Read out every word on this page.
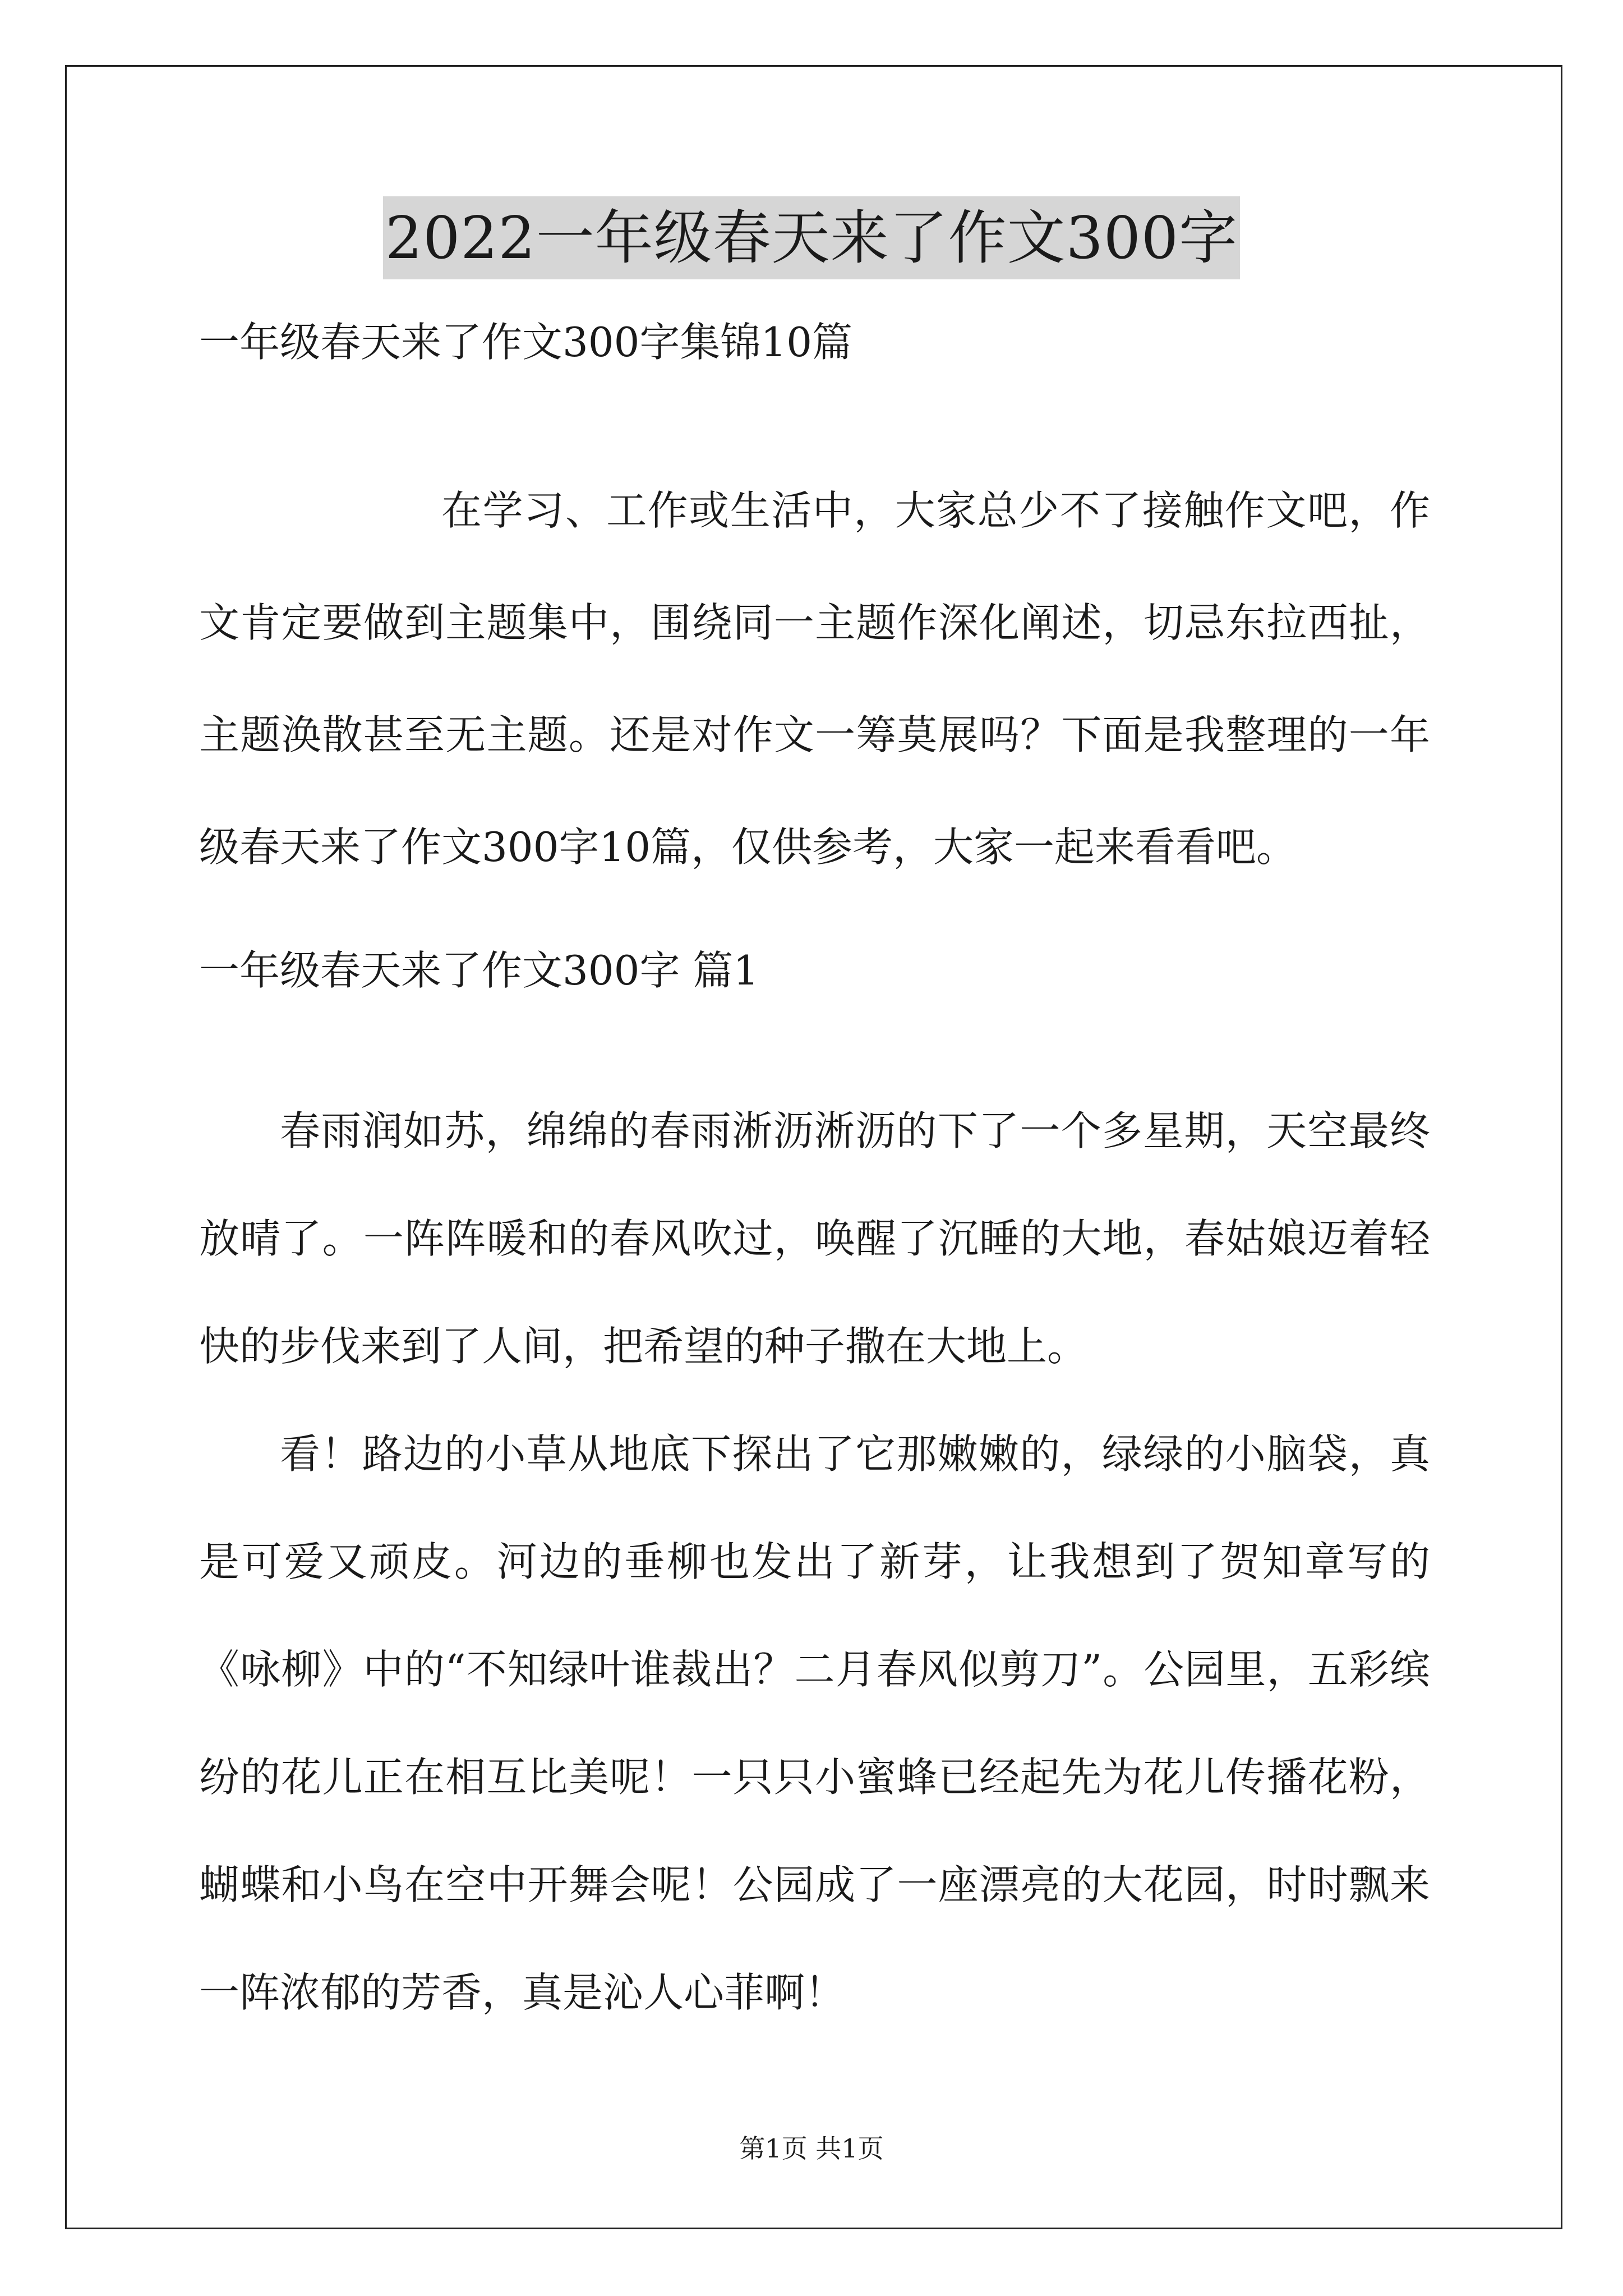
2022一年级春天来了作文300字
一年级春天来了作文300字集锦10篇
在学习、工作或生活中，大家总少不了接触作文吧，作文肯定要做到主题集中，围绕同一主题作深化阐述，切忌东拉西扯，主题涣散甚至无主题。还是对作文一筹莫展吗？下面是我整理的一年级春天来了作文300字10篇，仅供参考，大家一起来看看吧。
一年级春天来了作文300字 篇1

春雨润如苏，绵绵的春雨淅沥淅沥的下了一个多星期，天空最终放晴了。一阵阵暖和的春风吹过，唤醒了沉睡的大地，春姑娘迈着轻快的步伐来到了人间，把希望的种子撒在大地上。

看！路边的小草从地底下探出了它那嫩嫩的，绿绿的小脑袋，真是可爱又顽皮。河边的垂柳也发出了新芽，让我想到了贺知章写的《咏柳》中的“不知绿叶谁裁出？二月春风似剪刀”。公园里，五彩缤纷的花儿正在相互比美呢！一只只小蜜蜂已经起先为花儿传播花粉，蝴蝶和小鸟在空中开舞会呢！公园成了一座漂亮的大花园，时时飘来一阵浓郁的芳香，真是沁人心菲啊！

第1页 共1页
